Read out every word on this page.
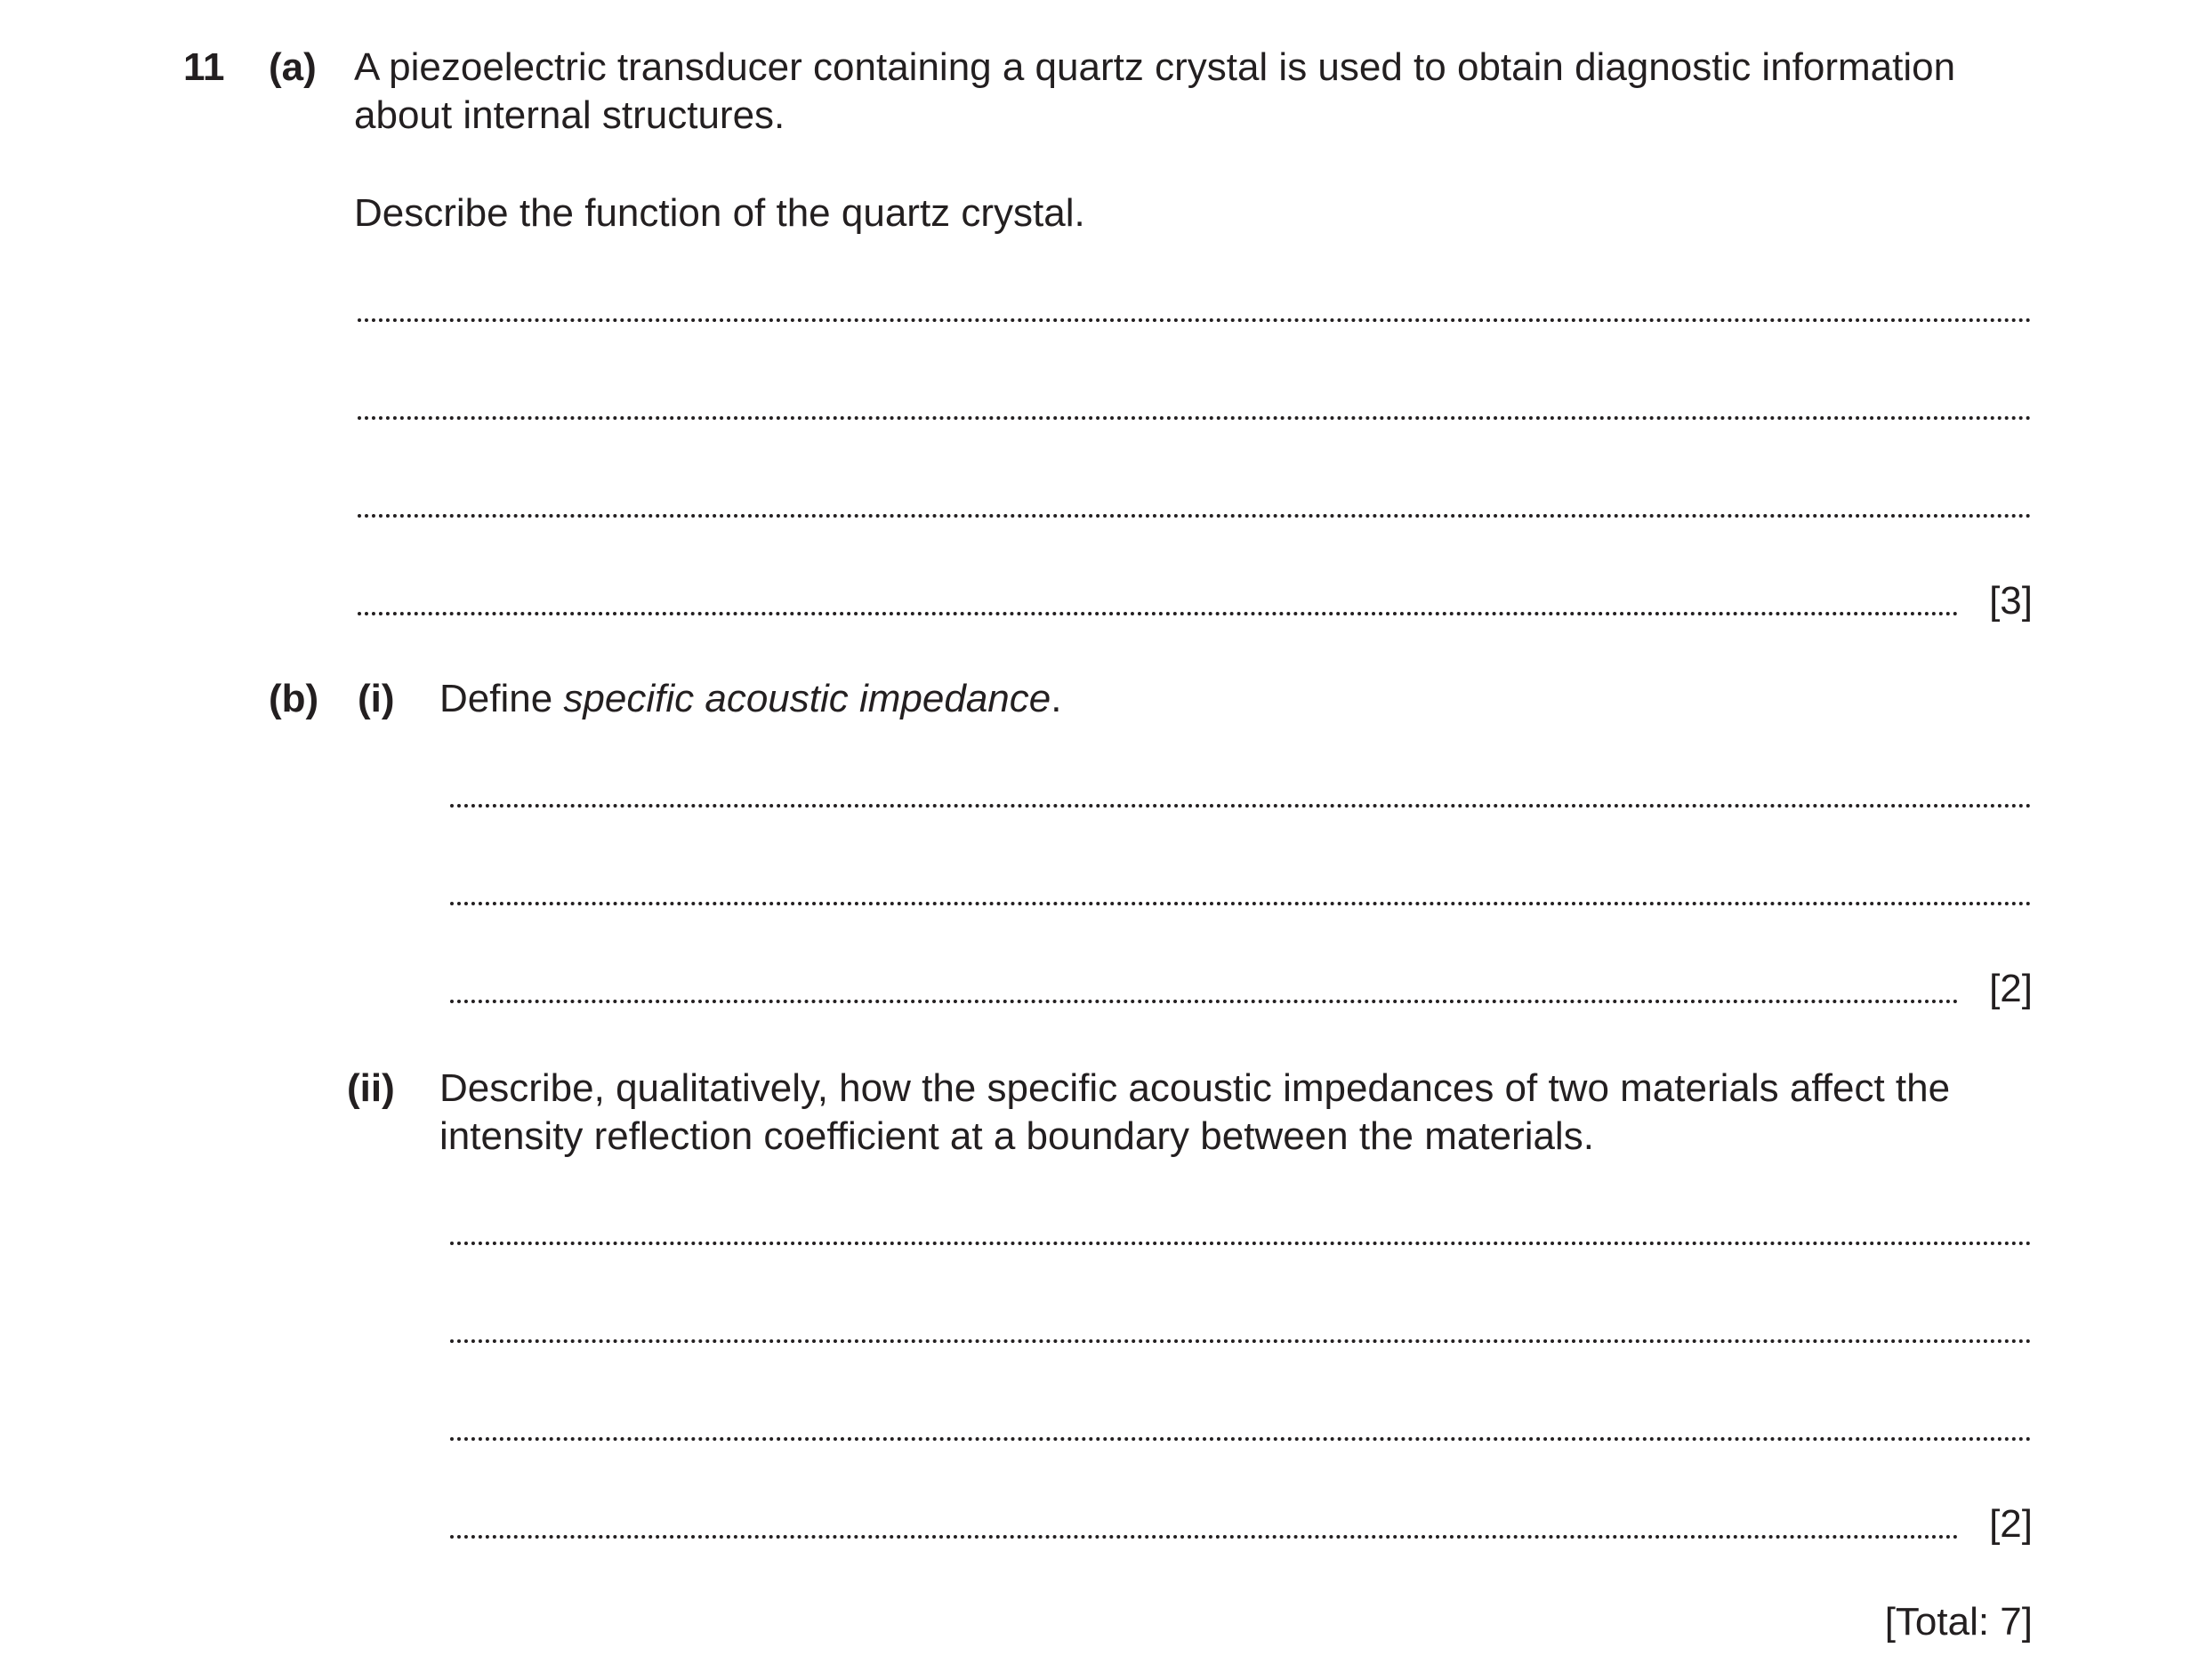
11 (a) A piezoelectric transducer containing a quartz crystal is used to obtain diagnostic information
about internal structures.
Describe the function of the quartz crystal.
[3]
(b) (i) Define specific acoustic impedance.
[2]
(ii) Describe, qualitatively, how the specific acoustic impedances of two materials affect the
intensity reflection coefficient at a boundary between the materials.
[2]
[Total: 7]
